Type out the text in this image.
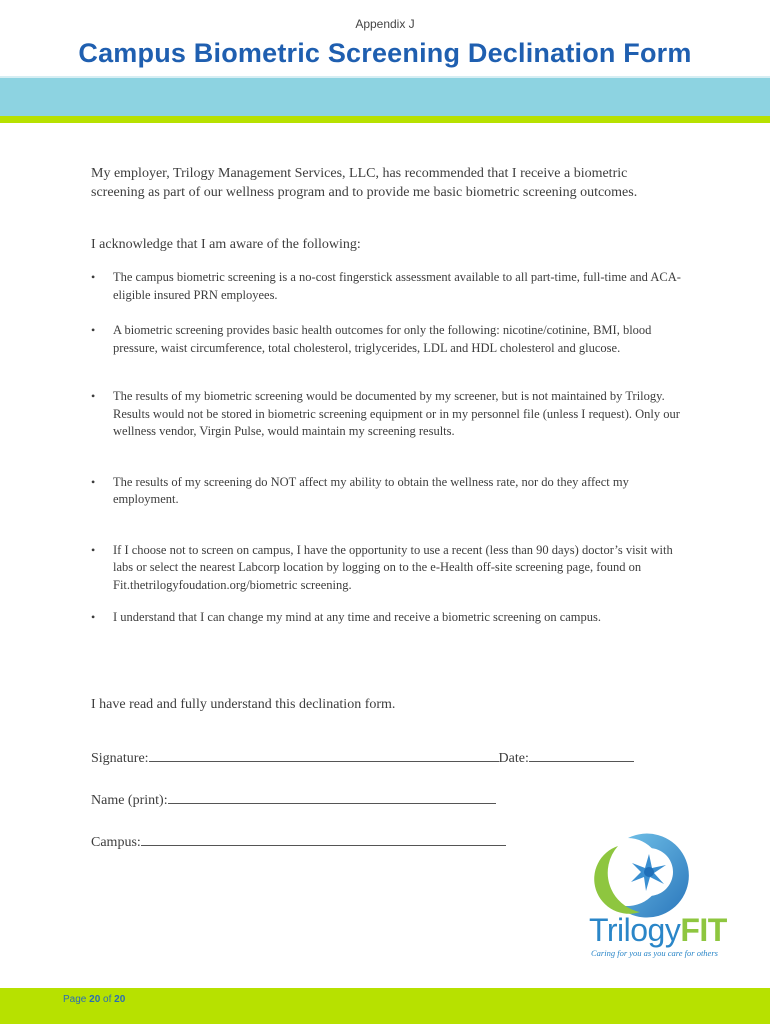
Appendix J
Campus Biometric Screening Declination Form
My employer, Trilogy Management Services, LLC, has recommended that I receive a biometric screening as part of our wellness program and to provide me basic biometric screening outcomes.
I acknowledge that I am aware of the following:
•	The campus biometric screening is a no-cost fingerstick assessment available to all part-time, full-time and ACA-eligible insured PRN employees.
•	A biometric screening provides basic health outcomes for only the following: nicotine/cotinine, BMI, blood pressure, waist circumference, total cholesterol, triglycerides, LDL and HDL cholesterol and glucose.
•	The results of my biometric screening would be documented by my screener, but is not maintained by Trilogy. Results would not be stored in biometric screening equipment or in my personnel file (unless I request). Only our wellness vendor, Virgin Pulse, would maintain my screening results.
•	The results of my screening do NOT affect my ability to obtain the wellness rate, nor do they affect my employment.
•	If I choose not to screen on campus, I have the opportunity to use a recent (less than 90 days) doctor’s visit with labs or select the nearest Labcorp location by logging on to the e-Health off-site screening page, found on Fit.thetrilogyfoudation.org/biometric screening.
•	I understand that I can change my mind at any time and receive a biometric screening on campus.
I have read and fully understand this declination form.
Signature:	Date:
Name (print):
Campus:
TrilogyFIT
Caring for you as you care for others
Page 20 of 20
